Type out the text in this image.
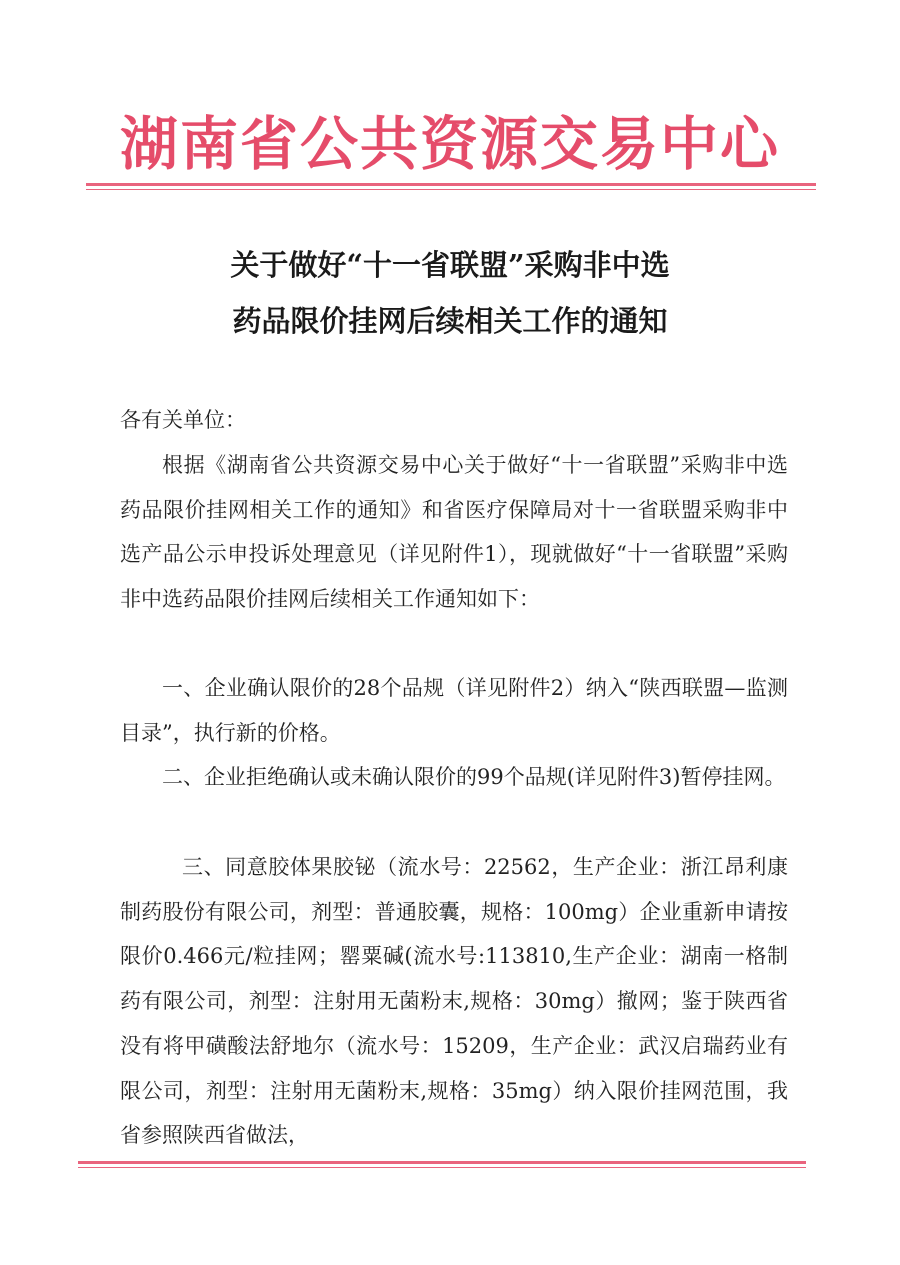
湖南省公共资源交易中心
关于做好“十一省联盟”采购非中选
药品限价挂网后续相关工作的通知
各有关单位：
根据《湖南省公共资源交易中心关于做好“十一省联盟”采购非中选药品限价挂网相关工作的通知》和省医疗保障局对十一省联盟采购非中选产品公示申投诉处理意见（详见附件1），现就做好“十一省联盟”采购非中选药品限价挂网后续相关工作通知如下：
一、企业确认限价的28个品规（详见附件2）纳入“陕西联盟—监测目录”，执行新的价格。
二、企业拒绝确认或未确认限价的99个品规(详见附件3)暂停挂网。
三、同意胶体果胶铋（流水号：22562，生产企业：浙江昂利康制药股份有限公司，剂型：普通胶囊，规格：100mg）企业重新申请按限价0.466元/粒挂网；罂粟碱(流水号:113810,生产企业：湖南一格制药有限公司，剂型：注射用无菌粉末,规格：30mg）撤网；鉴于陕西省没有将甲磺酸法舒地尔（流水号：15209，生产企业：武汉启瑞药业有限公司，剂型：注射用无菌粉末,规格：35mg）纳入限价挂网范围，我省参照陕西省做法，
